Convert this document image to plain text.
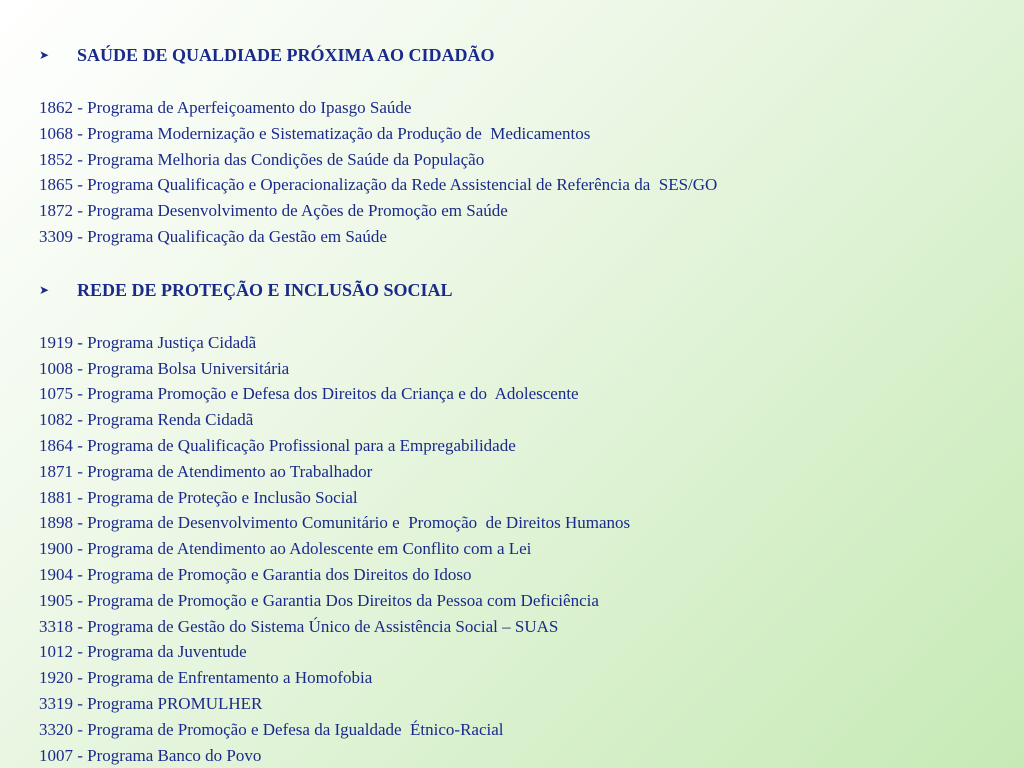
➤	SAÚDE DE QUALDIADE PRÓXIMA AO CIDADÃO
1862 - Programa de Aperfeiçoamento do Ipasgo Saúde
1068 - Programa Modernização e Sistematização da Produção de  Medicamentos
1852 - Programa Melhoria das Condições de Saúde da População
1865 - Programa Qualificação e Operacionalização da Rede Assistencial de Referência da  SES/GO
1872 - Programa Desenvolvimento de Ações de Promoção em Saúde
3309 - Programa Qualificação da Gestão em Saúde
➤	REDE DE PROTEÇÃO E INCLUSÃO SOCIAL
1919 - Programa Justiça Cidadã
1008 - Programa Bolsa Universitária
1075 - Programa Promoção e Defesa dos Direitos da Criança e do  Adolescente
1082 - Programa Renda Cidadã
1864 - Programa de Qualificação Profissional para a Empregabilidade
1871 - Programa de Atendimento ao Trabalhador
1881 - Programa de Proteção e Inclusão Social
1898 - Programa de Desenvolvimento Comunitário e  Promoção  de Direitos Humanos
1900 - Programa de Atendimento ao Adolescente em Conflito com a Lei
1904 - Programa de Promoção e Garantia dos Direitos do Idoso
1905 - Programa de Promoção e Garantia Dos Direitos da Pessoa com Deficiência
3318 - Programa de Gestão do Sistema Único de Assistência Social – SUAS
1012 - Programa da Juventude
1920 - Programa de Enfrentamento a Homofobia
3319 - Programa PROMULHER
3320 - Programa de Promoção e Defesa da Igualdade  Étnico-Racial
1007 - Programa Banco do Povo
